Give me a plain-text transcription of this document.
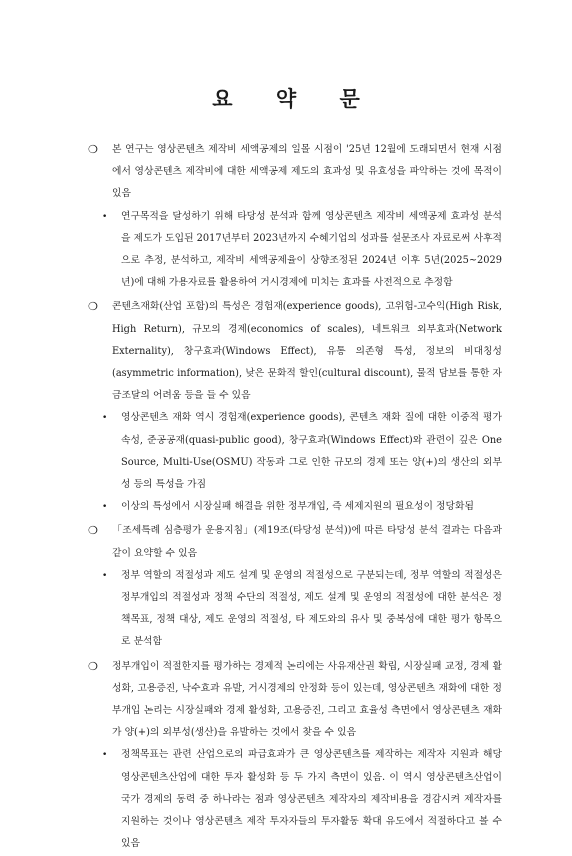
요 약 문
❍ 본 연구는 영상콘텐츠 제작비 세액공제의 일몰 시점이 '25년 12월에 도래되면서 현재 시점에서 영상콘텐츠 제작비에 대한 세액공제 제도의 효과성 및 유효성을 파악하는 것에 목적이 있음
• 연구목적을 달성하기 위해 타당성 분석과 함께 영상콘텐츠 제작비 세액공제 효과성 분석을 제도가 도입된 2017년부터 2023년까지 수혜기업의 성과를 설문조사 자료로써 사후적으로 추정, 분석하고, 제작비 세액공제율이 상향조정된 2024년 이후 5년(2025~2029년)에 대해 가용자료를 활용하여 거시경제에 미치는 효과를 사전적으로 추정함
❍ 콘텐츠재화(산업 포함)의 특성은 경험재(experience goods), 고위험-고수익(High Risk, High Return), 규모의 경제(economics of scales), 네트워크 외부효과(Network Externality), 창구효과(Windows Effect), 유통 의존형 특성, 정보의 비대칭성(asymmetric information), 낮은 문화적 할인(cultural discount), 물적 담보를 통한 자금조달의 어려움 등을 들 수 있음
• 영상콘텐츠 재화 역시 경험재(experience goods), 콘텐츠 재화 질에 대한 이중적 평가 속성, 준공공재(quasi-public good), 창구효과(Windows Effect)와 관련이 깊은 One Source, Multi-Use(OSMU) 작동과 그로 인한 규모의 경제 또는 양(+)의 생산의 외부성 등의 특성을 가짐
• 이상의 특성에서 시장실패 해결을 위한 정부개입, 즉 세제지원의 필요성이 정당화됨
❍ 「조세특례 심층평가 운용지침」(제19조(타당성 분석))에 따른 타당성 분석 결과는 다음과 같이 요약할 수 있음
• 정부 역할의 적절성과 제도 설계 및 운영의 적절성으로 구분되는데, 정부 역할의 적절성은 정부개입의 적절성과 정책 수단의 적절성, 제도 설계 및 운영의 적절성에 대한 분석은 정책목표, 정책 대상, 제도 운영의 적절성, 타 제도와의 유사 및 중복성에 대한 평가 항목으로 분석함
❍ 정부개입이 적절한지를 평가하는 경제적 논리에는 사유재산권 확립, 시장실패 교정, 경제 활성화, 고용증진, 낙수효과 유발, 거시경제의 안정화 등이 있는데, 영상콘텐츠 재화에 대한 정부개입 논리는 시장실패와 경제 활성화, 고용증진, 그리고 효율성 측면에서 영상콘텐츠 재화가 양(+)의 외부성(생산)을 유발하는 것에서 찾을 수 있음
• 정책목표는 관련 산업으로의 파급효과가 큰 영상콘텐츠를 제작하는 제작자 지원과 해당 영상콘텐츠산업에 대한 투자 활성화 등 두 가지 측면이 있음. 이 역시 영상콘텐츠산업이 국가 경제의 동력 중 하나라는 점과 영상콘텐츠 제작자의 제작비용을 경감시켜 제작자를 지원하는 것이나 영상콘텐츠 제작 투자자들의 투자활동 확대 유도에서 적절하다고 볼 수 있음
